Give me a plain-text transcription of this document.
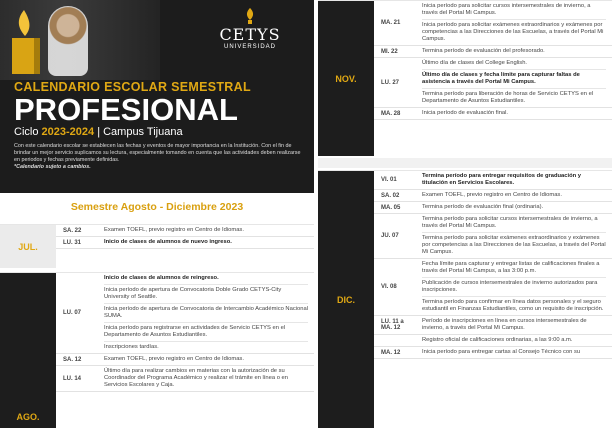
CETYS
UNIVERSIDAD
CALENDARIO ESCOLAR SEMESTRAL
PROFESIONAL
Ciclo 2023-2024 | Campus Tijuana
Con este calendario escolar se establecen las fechas y eventos de mayor importancia en la Institución. Con el fin de brindar un mejor servicio suplicamos su lectura, especialmente tomando en cuenta que las actividades deben realizarse en periodos y fechas previamente definidas.
*Calendario sujeto a cambios.
Semestre Agosto - Diciembre 2023
JUL.
SA. 22	Examen TOEFL, previo registro en Centro de Idiomas.
LU. 31	Inicio de clases de alumnos de nuevo ingreso.
AGO.
LU. 07
Inicio de clases de alumnos de reingreso.
Inicia período de apertura de Convocatoria Doble Grado CETYS-City University of Seattle.
Inicia período de apertura de Convocatoria de Intercambio Académico Nacional SUMA.
Inicia período para registrarse en actividades de Servicio CETYS en el Departamento de Asuntos Estudiantiles.
Inscripciones tardías.
SA. 12	Examen TOEFL, previo registro en Centro de Idiomas.
LU. 14
Último día para realizar cambios en materias con la autorización de su Coordinador del Programa Académico y realizar el trámite en línea o en Servicios Escolares y Caja.
NOV.
MA. 21
Inicia período para solicitar cursos intersemestrales de invierno, a través del Portal Mi Campus.
Inicia período para solicitar exámenes extraordinarios y exámenes por competencias a las Direcciones de las Escuelas, a través del Portal Mi Campus.
MI. 22	Termina período de evaluación del profesorado.
LU. 27
Último día de clases del College English.
Último día de clases y fecha límite para capturar faltas de asistencia a través del Portal Mi Campus.
Termina período para liberación de horas de Servicio CETYS en el Departamento de Asuntos Estudiantiles.
MA. 28	Inicia período de evaluación final.
DIC.
VI. 01
Termina período para entregar requisitos de graduación y titulación en Servicios Escolares.
SA. 02	Examen TOEFL, previo registro en Centro de Idiomas.
MA. 05	Termina período de evaluación final (ordinaria).
JU. 07
Termina período para solicitar cursos intersemestrales de invierno, a través del Portal Mi Campus.
Termina período para solicitar exámenes extraordinarios y exámenes por competencias a las Direcciones de las Escuelas, a través del Portal Mi Campus.
VI. 08
Fecha límite para capturar y entregar listas de calificaciones finales a través del Portal Mi Campus, a las 3:00 p.m.
Publicación de cursos intersemestrales de invierno autorizados para inscripciones.
Termina período para confirmar en línea datos personales y el seguro estudiantil en Finanzas Estudiantiles, como un requisito de inscripción.
LU. 11 a MA. 12
Período de inscripciones en línea en cursos intersemestrales de invierno, a través del Portal Mi Campus.
Registro oficial de calificaciones ordinarias, a las 9:00 a.m.
MA. 12	Inicia período para entregar cartas al Consejo Técnico con su
